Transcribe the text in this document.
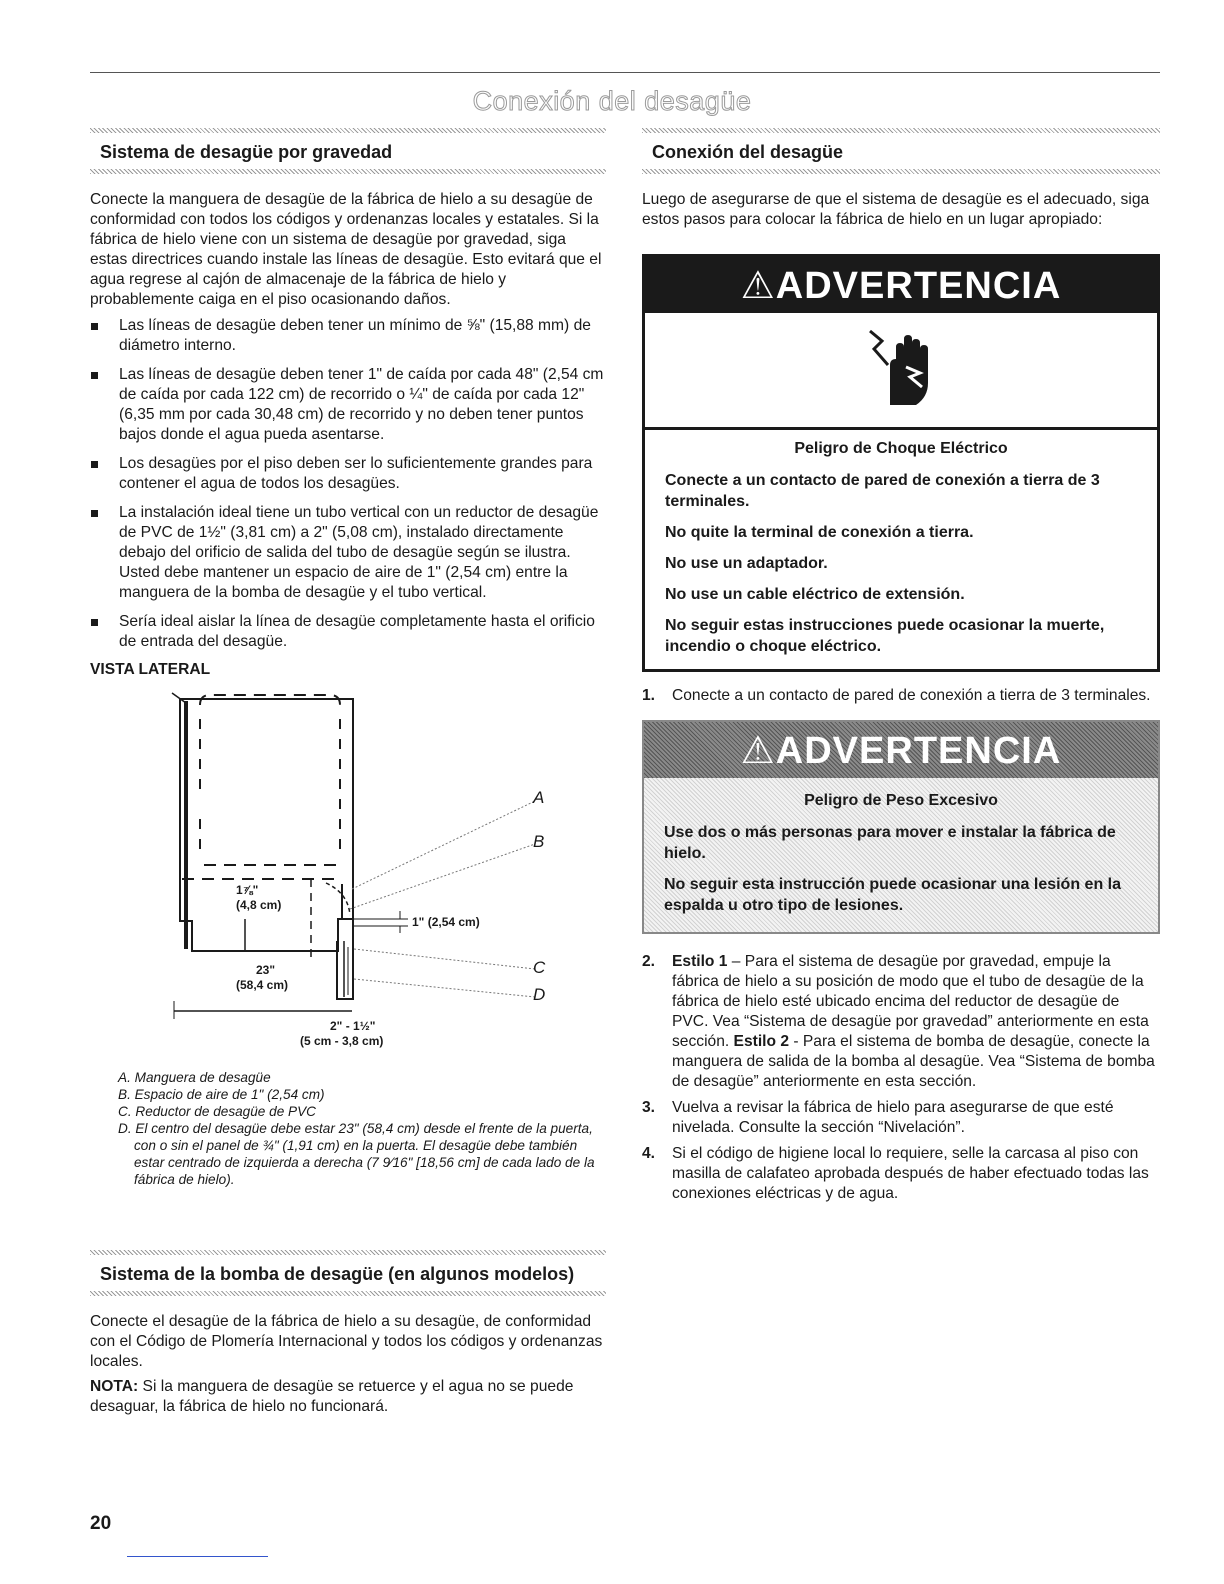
Conexión del desagüe
Sistema de desagüe por gravedad

Conecte la manguera de desagüe de la fábrica de hielo a su desagüe de conformidad con todos los códigos y ordenanzas locales y estatales. Si la fábrica de hielo viene con un sistema de desagüe por gravedad, siga estas directrices cuando instale las líneas de desagüe. Esto evitará que el agua regrese al cajón de almacenaje de la fábrica de hielo y probablemente caiga en el piso ocasionando daños.

Las líneas de desagüe deben tener un mínimo de ⅝" (15,88 mm) de diámetro interno.
Las líneas de desagüe deben tener 1" de caída por cada 48" (2,54 cm de caída por cada 122 cm) de recorrido o ¼" de caída por cada 12" (6,35 mm por cada 30,48 cm) de recorrido y no deben tener puntos bajos donde el agua pueda asentarse.
Los desagües por el piso deben ser lo suficientemente grandes para contener el agua de todos los desagües.
La instalación ideal tiene un tubo vertical con un reductor de desagüe de PVC de 1½" (3,81 cm) a 2" (5,08 cm), instalado directamente debajo del orificio de salida del tubo de desagüe según se ilustra. Usted debe mantener un espacio de aire de 1" (2,54 cm) entre la manguera de la bomba de desagüe y el tubo vertical.
Sería ideal aislar la línea de desagüe completamente hasta el orificio de entrada del desagüe.
VISTA LATERAL
A
B
C
D
1⅞"
(4,8 cm)
1" (2,54 cm)
23"
(58,4 cm)
2" - 1½"
(5 cm - 3,8 cm)
A. Manguera de desagüe
B. Espacio de aire de 1" (2,54 cm)
C. Reductor de desagüe de PVC
D. El centro del desagüe debe estar 23" (58,4 cm) desde el frente de la puerta, con o sin el panel de ¾" (1,91 cm) en la puerta. El desagüe debe también estar centrado de izquierda a derecha (7 9⁄16" [18,56 cm] de cada lado de la fábrica de hielo).
Sistema de la bomba de desagüe (en algunos modelos)

Conecte el desagüe de la fábrica de hielo a su desagüe, de conformidad con el Código de Plomería Internacional y todos los códigos y ordenanzas locales.

NOTA: Si la manguera de desagüe se retuerce y el agua no se puede desaguar, la fábrica de hielo no funcionará.

Conexión del desagüe

Luego de asegurarse de que el sistema de desagüe es el adecuado, siga estos pasos para colocar la fábrica de hielo en un lugar apropiado:

⚠ADVERTENCIA
Peligro de Choque Eléctrico
Conecte a un contacto de pared de conexión a tierra de 3 terminales.
No quite la terminal de conexión a tierra.
No use un adaptador.
No use un cable eléctrico de extensión.
No seguir estas instrucciones puede ocasionar la muerte, incendio o choque eléctrico.
1. Conecte a un contacto de pared de conexión a tierra de 3 terminales.
⚠ADVERTENCIA
Peligro de Peso Excesivo
Use dos o más personas para mover e instalar la fábrica de hielo.
No seguir esta instrucción puede ocasionar una lesión en la espalda u otro tipo de lesiones.
2. Estilo 1 – Para el sistema de desagüe por gravedad, empuje la fábrica de hielo a su posición de modo que el tubo de desagüe de la fábrica de hielo esté ubicado encima del reductor de desagüe de PVC. Vea “Sistema de desagüe por gravedad” anteriormente en esta sección. Estilo 2 - Para el sistema de bomba de desagüe, conecte la manguera de salida de la bomba al desagüe. Vea “Sistema de bomba de desagüe” anteriormente en esta sección.
3. Vuelva a revisar la fábrica de hielo para asegurarse de que esté nivelada. Consulte la sección “Nivelación”.
4. Si el código de higiene local lo requiere, selle la carcasa al piso con masilla de calafateo aprobada después de haber efectuado todas las conexiones eléctricas y de agua.
20
